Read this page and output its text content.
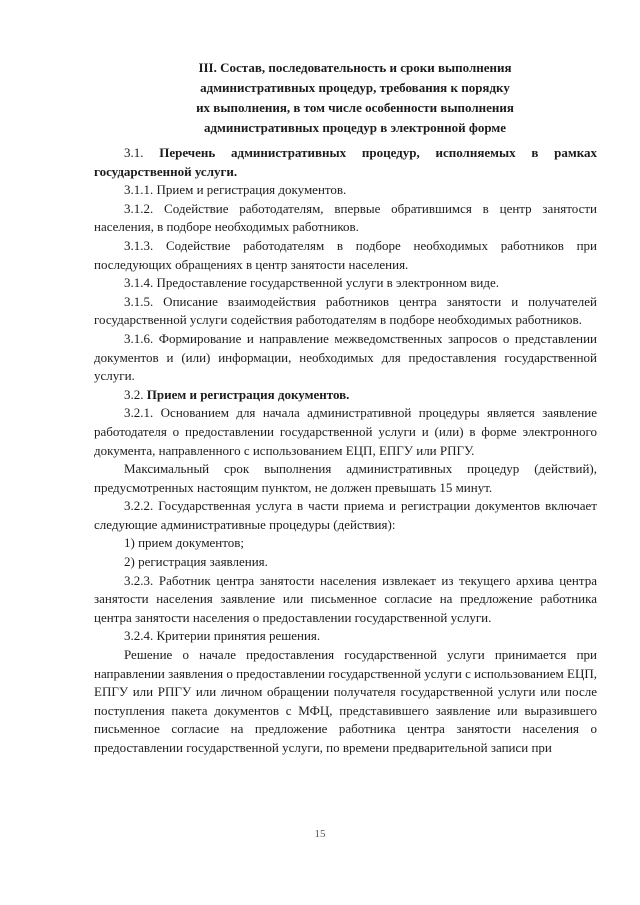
III. Состав, последовательность и сроки выполнения
административных процедур, требования к порядку
их выполнения, в том числе особенности выполнения
административных процедур в электронной форме

3.1. Перечень административных процедур, исполняемых в рамках государственной услуги.

3.1.1. Прием и регистрация документов.

3.1.2. Содействие работодателям, впервые обратившимся в центр занятости населения, в подборе необходимых работников.

3.1.3. Содействие работодателям в подборе необходимых работников при последующих обращениях в центр занятости населения.

3.1.4. Предоставление государственной услуги в электронном виде.

3.1.5. Описание взаимодействия работников центра занятости и получателей государственной услуги содействия работодателям в подборе необходимых работников.

3.1.6. Формирование и направление межведомственных запросов о представлении документов и (или) информации, необходимых для предоставления государственной услуги.

3.2. Прием и регистрация документов.

3.2.1. Основанием для начала административной процедуры является заявление работодателя о предоставлении государственной услуги и (или) в форме электронного документа, направленного с использованием ЕЦП, ЕПГУ или РПГУ.

Максимальный срок выполнения административных процедур (действий), предусмотренных настоящим пунктом, не должен превышать 15 минут.

3.2.2. Государственная услуга в части приема и регистрации документов включает следующие административные процедуры (действия):

1) прием документов;

2) регистрация заявления.

3.2.3. Работник центра занятости населения извлекает из текущего архива центра занятости населения заявление или письменное согласие на предложение работника центра занятости населения о предоставлении государственной услуги.

3.2.4. Критерии принятия решения.

Решение о начале предоставления государственной услуги принимается при направлении заявления о предоставлении государственной услуги с использованием ЕЦП, ЕПГУ или РПГУ или личном обращении получателя государственной услуги или после поступления пакета документов с МФЦ, представившего заявление или выразившего письменное согласие на предложение работника центра занятости населения о предоставлении государственной услуги, по времени предварительной записи при

15
